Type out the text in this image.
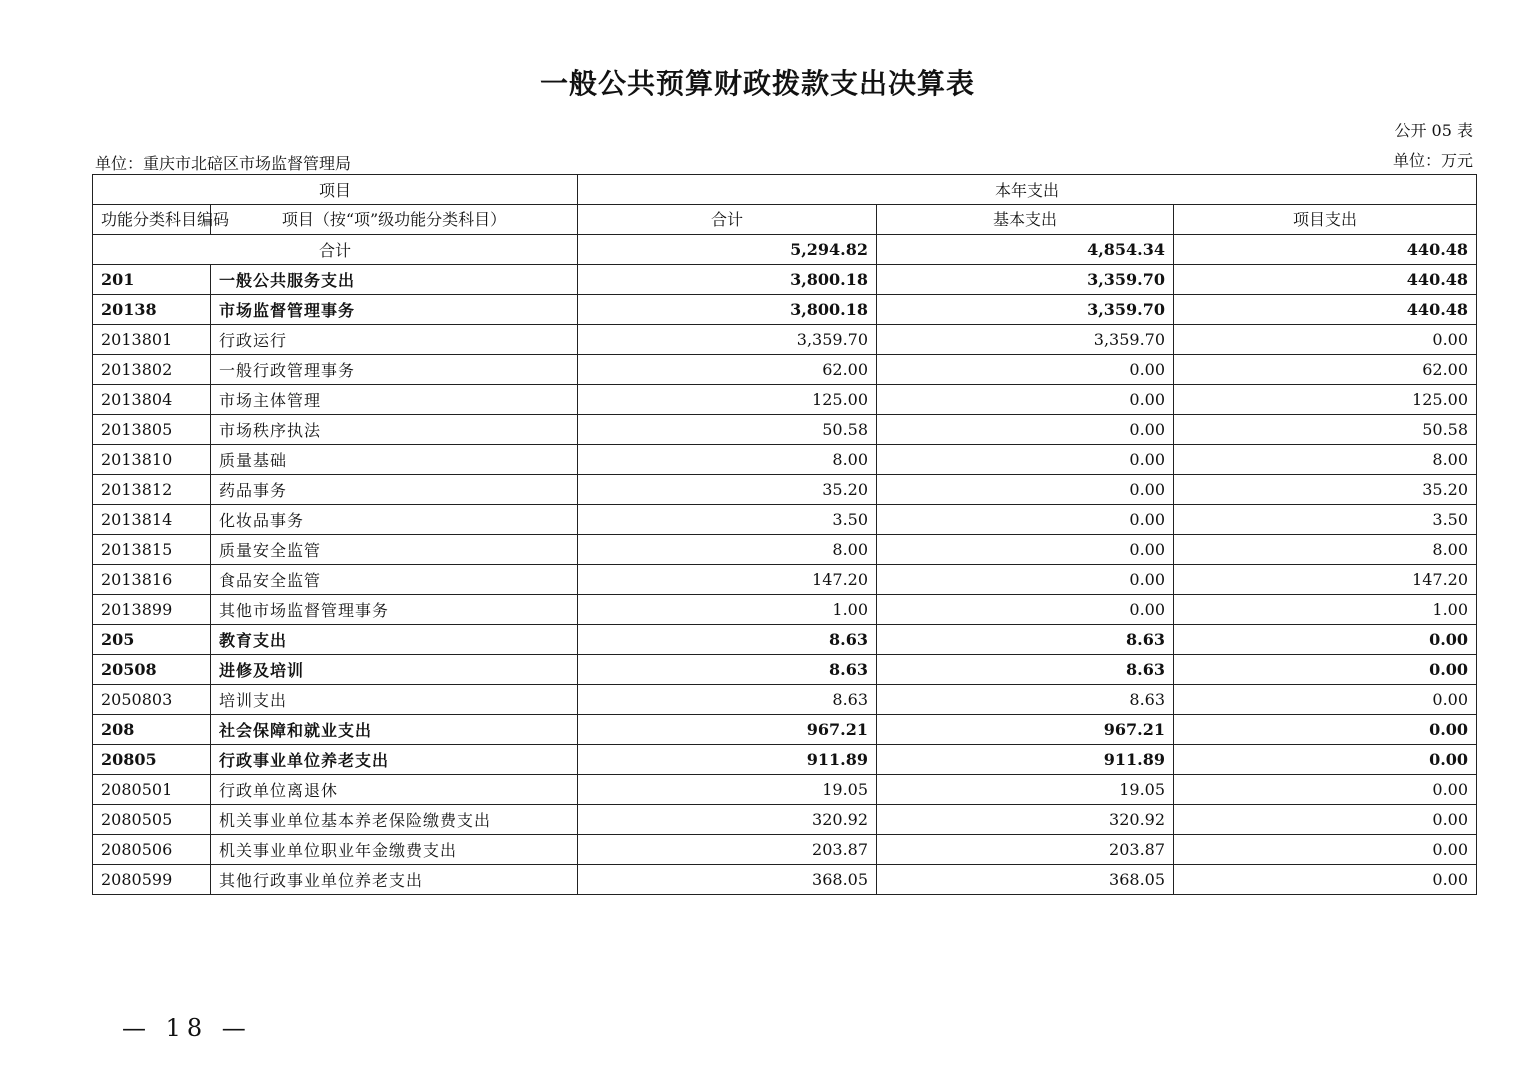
一般公共预算财政拨款支出决算表
公开 05 表
单位：重庆市北碚区市场监督管理局	单位：万元
项目		本年支出		
功能分类科目编码	项目（按“项”级功能分类科目）	合计	基本支出	项目支出
合计		5,294.82	4,854.34	440.48
201	一般公共服务支出	3,800.18	3,359.70	440.48
20138	市场监督管理事务	3,800.18	3,359.70	440.48
2013801	行政运行	3,359.70	3,359.70	0.00
2013802	一般行政管理事务	62.00	0.00	62.00
2013804	市场主体管理	125.00	0.00	125.00
2013805	市场秩序执法	50.58	0.00	50.58
2013810	质量基础	8.00	0.00	8.00
2013812	药品事务	35.20	0.00	35.20
2013814	化妆品事务	3.50	0.00	3.50
2013815	质量安全监管	8.00	0.00	8.00
2013816	食品安全监管	147.20	0.00	147.20
2013899	其他市场监督管理事务	1.00	0.00	1.00
205	教育支出	8.63	8.63	0.00
20508	进修及培训	8.63	8.63	0.00
2050803	培训支出	8.63	8.63	0.00
208	社会保障和就业支出	967.21	967.21	0.00
20805	行政事业单位养老支出	911.89	911.89	0.00
2080501	行政单位离退休	19.05	19.05	0.00
2080505	机关事业单位基本养老保险缴费支出	320.92	320.92	0.00
2080506	机关事业单位职业年金缴费支出	203.87	203.87	0.00
2080599	其他行政事业单位养老支出	368.05	368.05	0.00
— 18 —
